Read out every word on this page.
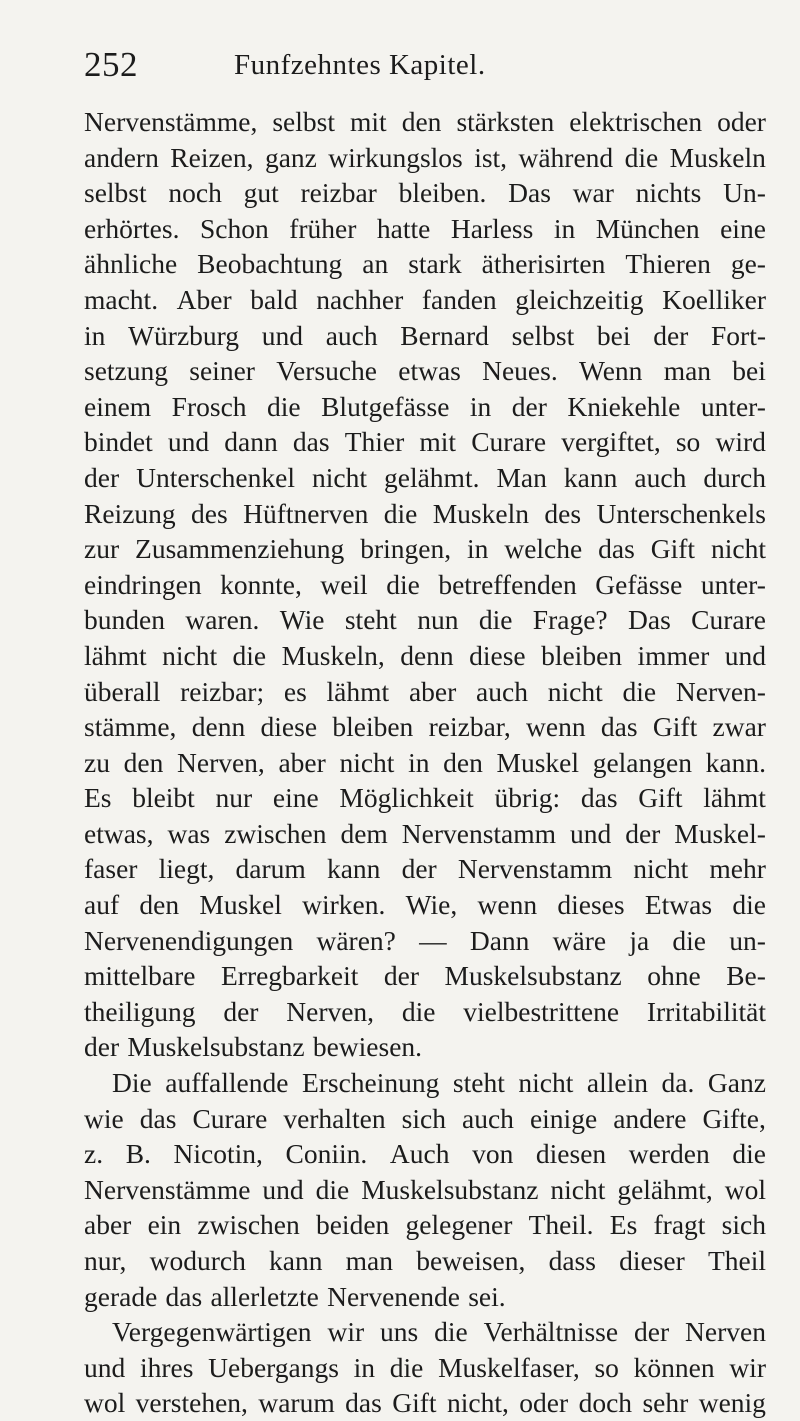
252	Funfzehntes Kapitel.
Nervenstämme, selbst mit den stärksten elektrischen oder
andern Reizen, ganz wirkungslos ist, während die Muskeln
selbst noch gut reizbar bleiben. Das war nichts Un-
erhörtes. Schon früher hatte Harless in München eine
ähnliche Beobachtung an stark ätherisirten Thieren ge-
macht. Aber bald nachher fanden gleichzeitig Koelliker
in Würzburg und auch Bernard selbst bei der Fort-
setzung seiner Versuche etwas Neues. Wenn man bei
einem Frosch die Blutgefässe in der Kniekehle unter-
bindet und dann das Thier mit Curare vergiftet, so wird
der Unterschenkel nicht gelähmt. Man kann auch durch
Reizung des Hüftnerven die Muskeln des Unterschenkels
zur Zusammenziehung bringen, in welche das Gift nicht
eindringen konnte, weil die betreffenden Gefässe unter-
bunden waren. Wie steht nun die Frage? Das Curare
lähmt nicht die Muskeln, denn diese bleiben immer und
überall reizbar; es lähmt aber auch nicht die Nerven-
stämme, denn diese bleiben reizbar, wenn das Gift zwar
zu den Nerven, aber nicht in den Muskel gelangen kann.
Es bleibt nur eine Möglichkeit übrig: das Gift lähmt
etwas, was zwischen dem Nervenstamm und der Muskel-
faser liegt, darum kann der Nervenstamm nicht mehr
auf den Muskel wirken. Wie, wenn dieses Etwas die
Nervenendigungen wären? — Dann wäre ja die un-
mittelbare Erregbarkeit der Muskelsubstanz ohne Be-
theiligung der Nerven, die vielbestrittene Irritabilität
der Muskelsubstanz bewiesen.
Die auffallende Erscheinung steht nicht allein da. Ganz
wie das Curare verhalten sich auch einige andere Gifte,
z. B. Nicotin, Coniin. Auch von diesen werden die
Nervenstämme und die Muskelsubstanz nicht gelähmt, wol
aber ein zwischen beiden gelegener Theil. Es fragt sich
nur, wodurch kann man beweisen, dass dieser Theil
gerade das allerletzte Nervenende sei.
Vergegenwärtigen wir uns die Verhältnisse der Nerven
und ihres Uebergangs in die Muskelfaser, so können wir
wol verstehen, warum das Gift nicht, oder doch sehr wenig
